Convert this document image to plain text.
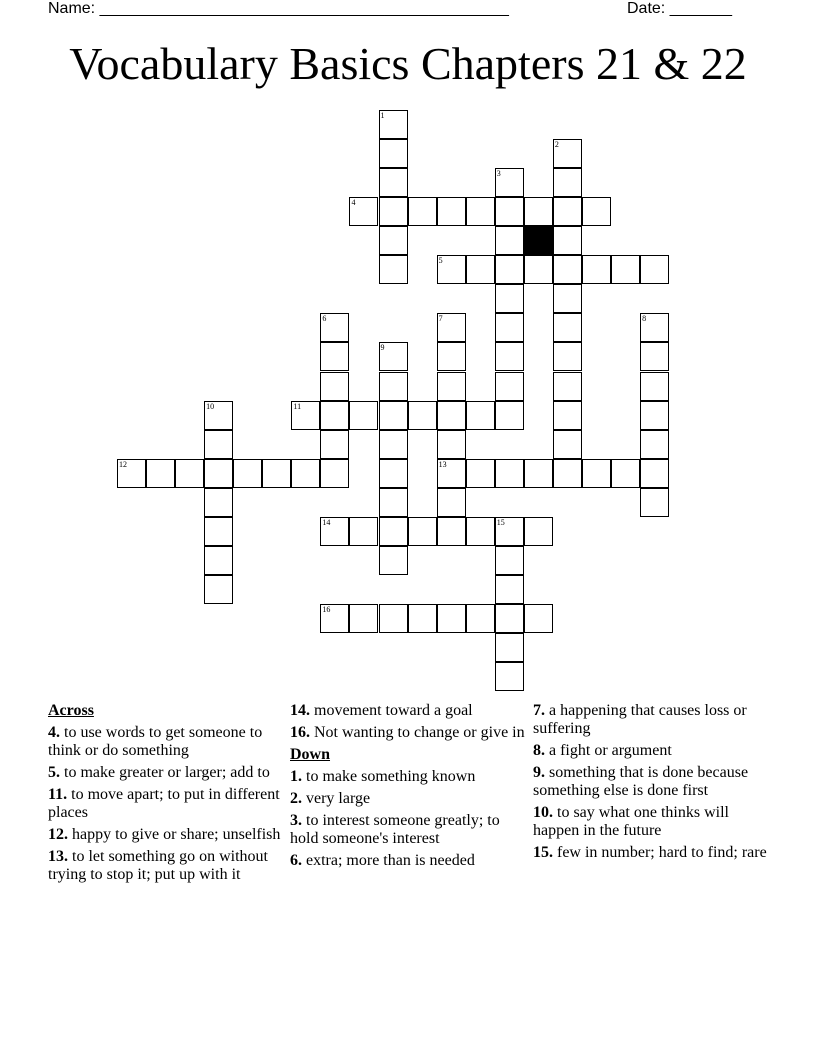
Name: ______________________________________________	Date: _______
Vocabulary Basics Chapters 21 & 22
1
2
3
4
5
6	7
13
8
9
10	11
12
14	15
16
Across
4. to use words to get someone to think or do something
5. to make greater or larger; add to
11. to move apart; to put in different places
12. happy to give or share; unselfish
13. to let something go on without trying to stop it; put up with it
14. movement toward a goal
16. Not wanting to change or give in
Down
1. to make something known
2. very large
3. to interest someone greatly; to hold someone's interest
6. extra; more than is needed
7. a happening that causes loss or suffering
8. a fight or argument
9. something that is done because something else is done first
10. to say what one thinks will happen in the future
15. few in number; hard to find; rare
